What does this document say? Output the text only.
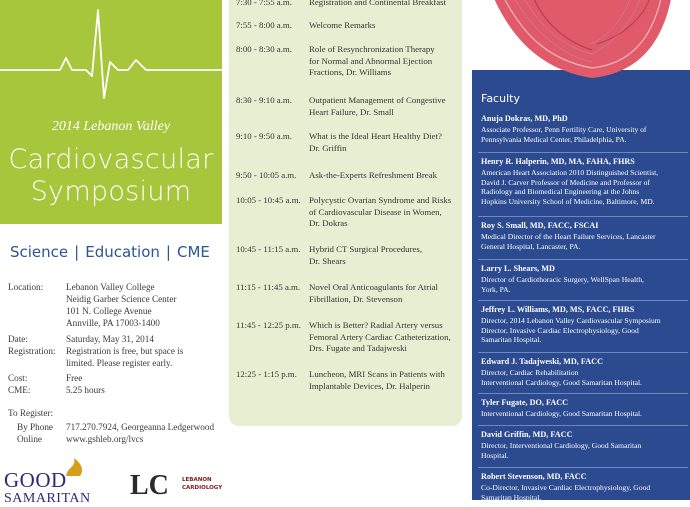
2014 Lebanon Valley
Cardiovascular
Symposium
Science | Education | CME
Location: Lebanon Valley College
Neidig Garber Science Center
101 N. College Avenue
Annville, PA 17003-1400
Date:	Saturday, May 31, 2014
Registration: Registration is free, but space is
limited. Please register early.
Cost:	Free
CME:	5.25 hours
To Register:
By Phone 717.270.7924, Georgeanna Ledgerwood
Online	www.gshleb.org/lvcs
GOOD
SAMARITAN LC LEBANON
CARDIOLOGY
7:30 - 7:55 a.m. Registration and Continental Breakfast
7:55 - 8:00 a.m. Welcome Remarks
8:00 - 8:30 a.m. Role of Resynchronization Therapy
for Normal and Abnormal Ejection
Fractions, Dr. Williams
8:30 - 9:10 a.m. Outpatient Management of Congestive
Heart Failure, Dr. Small
9:10 - 9:50 a.m. What is the Ideal Heart Healthy Diet?
Dr. Griffin
9:50 - 10:05 a.m. Ask-the-Experts Refreshment Break
10:05 - 10:45 a.m. Polycystic Ovarian Syndrome and Risks
of Cardiovascular Disease in Women,
Dr. Dokras
10:45 - 11:15 a.m. Hybrid CT Surgical Procedures,
Dr. Shears
11:15 - 11:45 a.m. Novel Oral Anticoagulants for Atrial
Fibrillation, Dr. Stevenson
11:45 - 12:25 p.m. Which is Better? Radial Artery versus
Femoral Artery Cardiac Catheterization,
Drs. Fugate and Tadajweski
12:25 - 1:15 p.m. Luncheon, MRI Scans in Patients with
Implantable Devices, Dr. Halperin
Faculty
Anuja Dokras, MD, PhD
Associate Professor, Penn Fertility Care, University of
Pennsylvania Medical Center, Philadelphia, PA.
Henry R. Halperin, MD, MA, FAHA, FHRS
American Heart Association 2010 Distinguished Scientist,
David J. Carver Professor of Medicine and Professor of
Radiology and Biomedical Engineering at the Johns
Hopkins University School of Medicine, Baltimore, MD.
Roy S. Small, MD, FACC, FSCAI
Medical Director of the Heart Failure Services, Lancaster
General Hospital, Lancaster, PA.
Larry L. Shears, MD
Director of Cardiothoracic Surgery, WellSpan Health,
York, PA.
Jeffrey L. Williams, MD, MS, FACC, FHRS
Director, 2014 Lebanon Valley Cardiovascular Symposium
Director, Invasive Cardiac Electrophysiology, Good
Samaritan Hospital.
Edward J. Tadajweski, MD, FACC
Director, Cardiac Rehabilitation
Interventional Cardiology, Good Samaritan Hospital.
Tyler Fugate, DO, FACC
Interventional Cardiology, Good Samaritan Hospital.
David Griffin, MD, FACC
Director, Interventional Cardiology, Good Samaritan
Hospital.
Robert Stevenson, MD, FACC
Co-Director, Invasive Cardiac Electrophysiology, Good
Samaritan Hospital.
